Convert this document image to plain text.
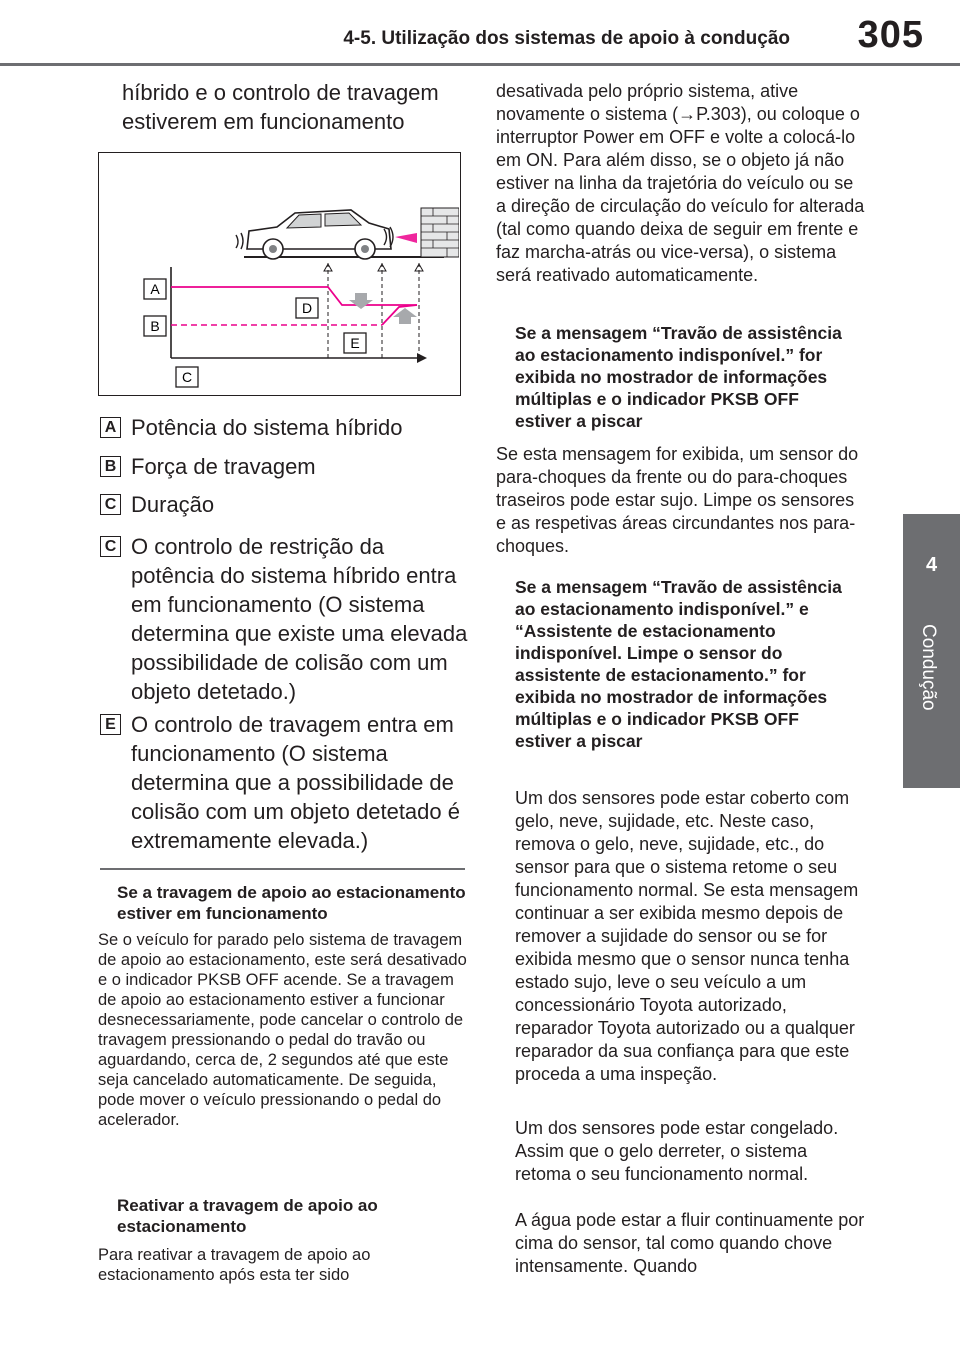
4-5. Utilização dos sistemas de apoio à condução 305
4
Condução
híbrido e o controlo de travagem estiverem em funcionamento
A
B
C
D
E
A Potência do sistema híbrido
B Força de travagem
C Duração
C O controlo de restrição da potência do sistema híbrido entra em funcionamento (O sistema determina que existe uma elevada possibilidade de colisão com um objeto detetado.)
E O controlo de travagem entra em funcionamento (O sistema determina que a possibilidade de colisão com um objeto detetado é extremamente elevada.)
Se a travagem de apoio ao estacionamento estiver em funcionamento
Se o veículo for parado pelo sistema de travagem de apoio ao estacionamento, este será desativado e o indicador PKSB OFF acende. Se a travagem de apoio ao estacionamento estiver a funcionar desnecessariamente, pode cancelar o controlo de travagem pressionando o pedal do travão ou aguardando, cerca de, 2 segundos até que este seja cancelado automaticamente. De seguida, pode mover o veículo pressionando o pedal do acelerador.
Reativar a travagem de apoio ao estacionamento
Para reativar a travagem de apoio ao estacionamento após esta ter sido
desativada pelo próprio sistema, ative novamente o sistema (→P.303), ou coloque o interruptor Power em OFF e volte a colocá-lo em ON. Para além disso, se o objeto já não estiver na linha da trajetória do veículo ou se a direção de circulação do veículo for alterada (tal como quando deixa de seguir em frente e faz marcha-atrás ou vice-versa), o sistema será reativado automaticamente.
Se a mensagem “Travão de assistência ao estacionamento indisponível.” for exibida no mostrador de informações múltiplas e o indicador PKSB OFF estiver a piscar
Se esta mensagem for exibida, um sensor do para-choques da frente ou do para-choques traseiros pode estar sujo. Limpe os sensores e as respetivas áreas circundantes nos para-choques.
Se a mensagem “Travão de assistência ao estacionamento indisponível.” e “Assistente de estacionamento indisponível. Limpe o sensor do assistente de estacionamento.” for exibida no mostrador de informações múltiplas e o indicador PKSB OFF estiver a piscar
Um dos sensores pode estar coberto com gelo, neve, sujidade, etc. Neste caso, remova o gelo, neve, sujidade, etc., do sensor para que o sistema retome o seu funcionamento normal. Se esta mensagem continuar a ser exibida mesmo depois de remover a sujidade do sensor ou se for exibida mesmo que o sensor nunca tenha estado sujo, leve o seu veículo a um concessionário Toyota autorizado, reparador Toyota autorizado ou a qualquer reparador da sua confiança para que este proceda a uma inspeção.
Um dos sensores pode estar congelado. Assim que o gelo derreter, o sistema retoma o seu funcionamento normal.
A água pode estar a fluir continuamente por cima do sensor, tal como quando chove intensamente. Quando
